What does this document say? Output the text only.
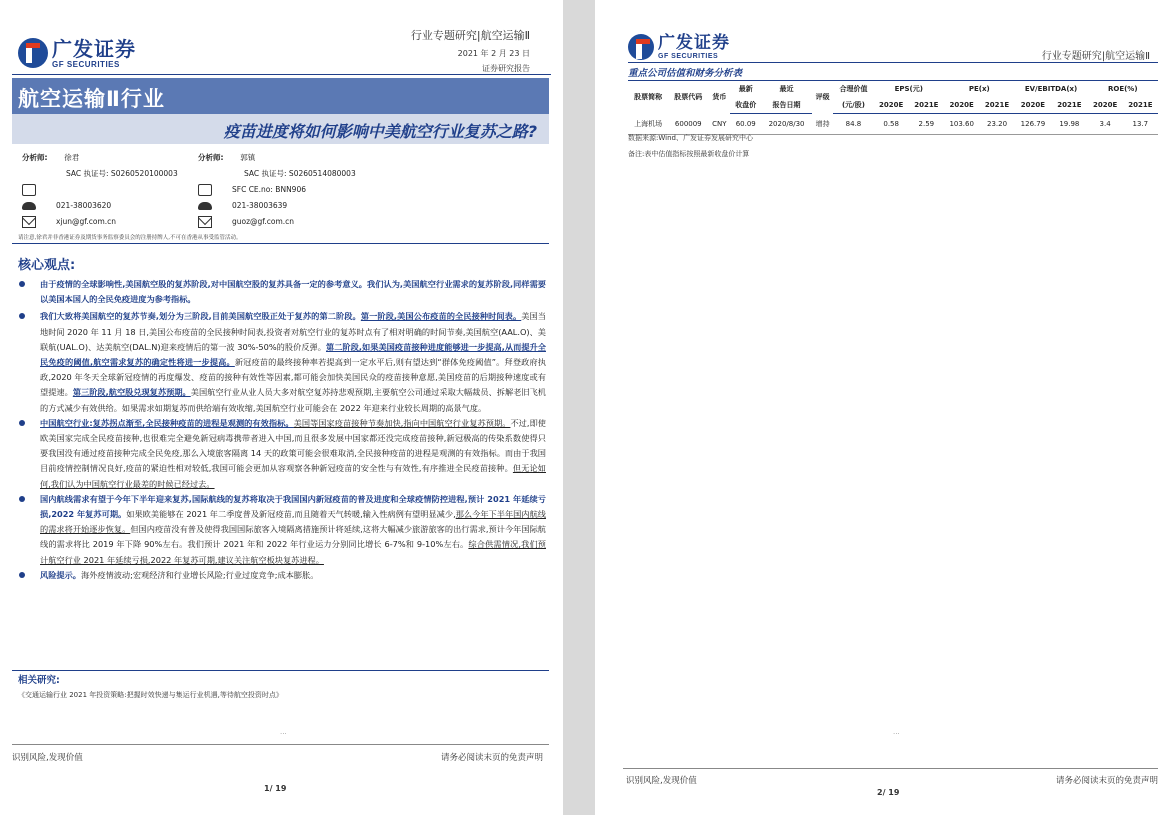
广发证券
GF SECURITIES
行业专题研究|航空运输Ⅱ
2021 年 2 月 23 日
证券研究报告
航空运输Ⅱ行业
疫苗进度将如何影响中美航空行业复苏之路?
分析师: 徐君
SAC 执证号: S0260520100003
021-38003620
xjun@gf.com.cn
分析师: 郭镇
SAC 执证号: S0260514080003
SFC CE.no: BNN906
021-38003639
guoz@gf.com.cn
请注意,徐君并非香港证券及期货事务监察委员会的注册持牌人,不可在香港从事受监管活动。
核心观点:
由于疫情的全球影响性,美国航空股的复苏阶段,对中国航空股的复苏具备一定的参考意义。我们认为,美国航空行业需求的复苏阶段,同样需要以美国本国人的全民免疫进度为参考指标。
我们大致将美国航空的复苏节奏,划分为三阶段,目前美国航空股正处于复苏的第二阶段。第一阶段,美国公布疫苗的全民接种时间表。美国当地时间 2020 年 11 月 18 日,美国公布疫苗的全民接种时间表,投资者对航空行业的复苏时点有了相对明确的时间节奏,美国航空(AAL.O)、美联航(UAL.O)、达美航空(DAL.N)迎来疫情后的第一波 30%-50%的股价反弹。第二阶段,如果美国疫苗接种进度能够进一步提高,从而提升全民免疫的阈值,航空需求复苏的确定性将进一步提高。新冠疫苗的最终接种率若提高到一定水平后,则有望达到“群体免疫阈值”。拜登政府执政,2020 年冬天全球新冠疫情的再度爆发、疫苗的接种有效性等因素,都可能会加快美国民众的疫苗接种意愿,美国疫苗的后期接种速度或有望提速。第三阶段,航空股兑现复苏预期。美国航空行业从业人员大多对航空复苏持悲观预期,主要航空公司通过采取大幅裁员、拆解老旧飞机的方式减少有效供给。如果需求如期复苏而供给端有效收缩,美国航空行业可能会在 2022 年迎来行业较长周期的高景气度。
中国航空行业:复苏拐点渐至,全民接种疫苗的进程是观测的有效指标。美国等国家疫苗接种节奏加快,指向中国航空行业复苏预期。不过,即使欧美国家完成全民疫苗接种,也很难完全避免新冠病毒携带者进入中国,而且很多发展中国家都还没完成疫苗接种,新冠极高的传染系数使得只要我国没有通过疫苗接种完成全民免疫,那么入境旅客隔离 14 天的政策可能会很难取消,全民接种疫苗的进程是观测的有效指标。而由于我国目前疫情控制情况良好,疫苗的紧迫性相对较低,我国可能会更加从容观察各种新冠疫苗的安全性与有效性,有序推进全民疫苗接种。但无论如何,我们认为中国航空行业最差的时候已经过去。
国内航线需求有望于今年下半年迎来复苏,国际航线的复苏将取决于我国国内新冠疫苗的普及进度和全球疫情防控进程,预计 2021 年延续亏损,2022 年复苏可期。如果欧美能够在 2021 年二季度普及新冠疫苗,而且随着天气转暖,输入性病例有望明显减少,那么今年下半年国内航线的需求将开始逐步恢复。但国内疫苗没有普及使得我国国际旅客入境隔离措施预计将延续,这将大幅减少旅游旅客的出行需求,预计今年国际航线的需求将比 2019 年下降 90%左右。我们预计 2021 年和 2022 年行业运力分别同比增长 6-7%和 9-10%左右。综合供需情况,我们预计航空行业 2021 年延续亏损,2022 年复苏可期,建议关注航空板块复苏进程。
风险提示。海外疫情波动;宏观经济和行业增长风险;行业过度竞争;成本膨胀。
相关研究:
《交通运输行业 2021 年投资策略:把握时效快递与集运行业机遇,等待航空投资时点》
...
识别风险,发现价值	请务必阅读末页的免责声明
1/ 19
广发证券
GF SECURITIES	行业专题研究|航空运输Ⅱ
重点公司估值和财务分析表
股票简称	股票代码	货币	最新	最近	评级	合理价值	EPS(元)		PE(x)		EV/EBITDA(x)		ROE(%)	
			收盘价	报告日期		(元/股)	2020E	2021E	2020E	2021E	2020E	2021E	2020E	2021E
上海机场	600009	CNY	60.09	2020/8/30	增持	84.8	0.58	2.59	103.60	23.20	126.79	19.98	3.4	13.7
数据来源:Wind、广发证券发展研究中心
备注:表中估值指标按照最新收盘价计算
...
识别风险,发现价值	请务必阅读末页的免责声明
2/ 19
